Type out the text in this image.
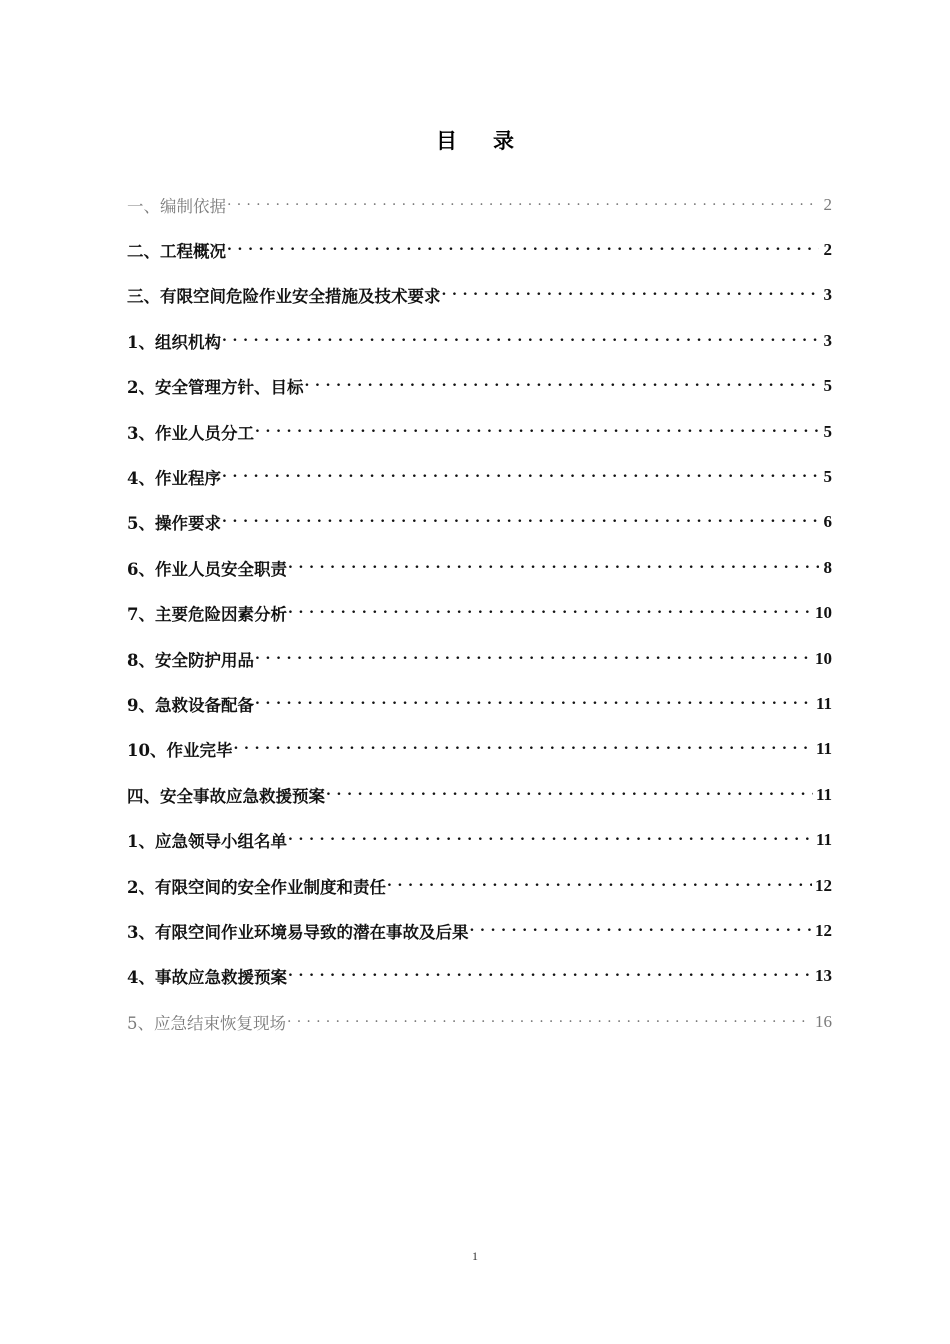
目 录
一、编制依据 . . .	2
二、工程概况 . . .	2
三、有限空间危险作业安全措施及技术要求 . . .	3
1、组织机构 . . .	3
2、安全管理方针、目标 . . .	5
3、作业人员分工 . . .	5
4、作业程序 . . .	5
5、操作要求 . . .	6
6、作业人员安全职责 . . .	8
7、主要危险因素分析 . . .	10
8、安全防护用品 . . .	10
9、急救设备配备 . . .	11
10、作业完毕 . . .	11
四、安全事故应急救援预案 . . .	11
1、应急领导小组名单 . . .	11
2、有限空间的安全作业制度和责任 . . .	12
3、有限空间作业环境易导致的潜在事故及后果 . . .	12
4、事故应急救援预案 . . .	13
5、应急结束恢复现场 . . .	16
1
